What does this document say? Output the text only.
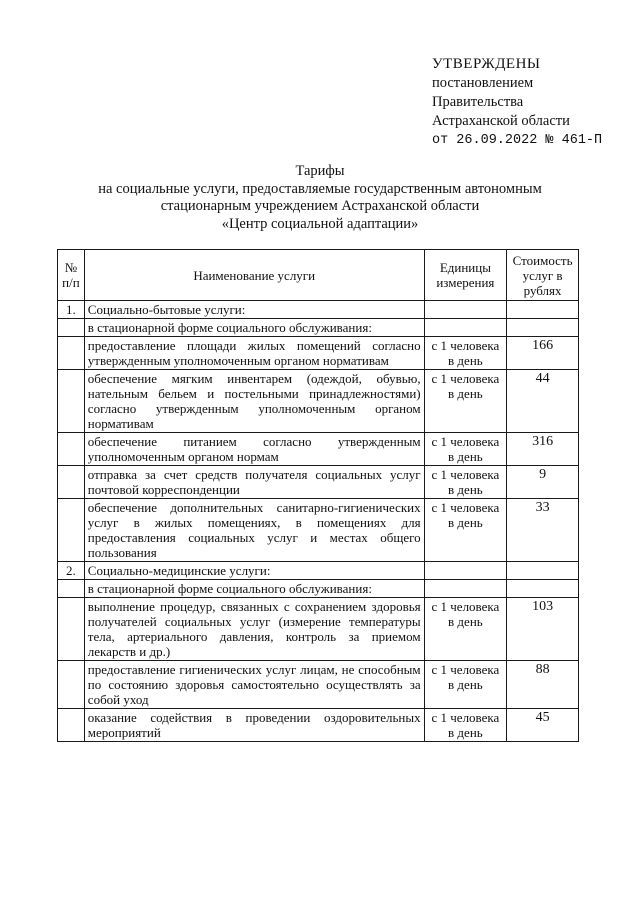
УТВЕРЖДЕНЫ
постановлением
Правительства
Астраханской области
от 26.09.2022 № 461-П
Тарифы
на социальные услуги, предоставляемые государственным автономным
стационарным учреждением Астраханской области
«Центр социальной адаптации»
№ п/п	Наименование услуги	Единицы измерения	Стоимость услуг в рублях
1.	Социально-бытовые услуги:		
	в стационарной форме социального обслуживания:		
	предоставление площади жилых помещений согласно утвержденным уполномоченным органом нормативам	с 1 человека в день	166
	обеспечение мягким инвентарем (одеждой, обувью, нательным бельем и постельными принадлежностями) согласно утвержденным уполномоченным органом нормативам	с 1 человека в день	44
	обеспечение питанием согласно утвержденным уполномоченным органом нормам	с 1 человека в день	316
	отправка за счет средств получателя социальных услуг почтовой корреспонденции	с 1 человека в день	9
	обеспечение дополнительных санитарно-гигиенических услуг в жилых помещениях, в помещениях для предоставления социальных услуг и местах общего пользования	с 1 человека в день	33
2.	Социально-медицинские услуги:		
	в стационарной форме социального обслуживания:		
	выполнение процедур, связанных с сохранением здоровья получателей социальных услуг (измерение температуры тела, артериального давления, контроль за приемом лекарств и др.)	с 1 человека в день	103
	предоставление гигиенических услуг лицам, не способным по состоянию здоровья самостоятельно осуществлять за собой уход	с 1 человека в день	88
	оказание содействия в проведении оздоровительных мероприятий	с 1 человека в день	45
